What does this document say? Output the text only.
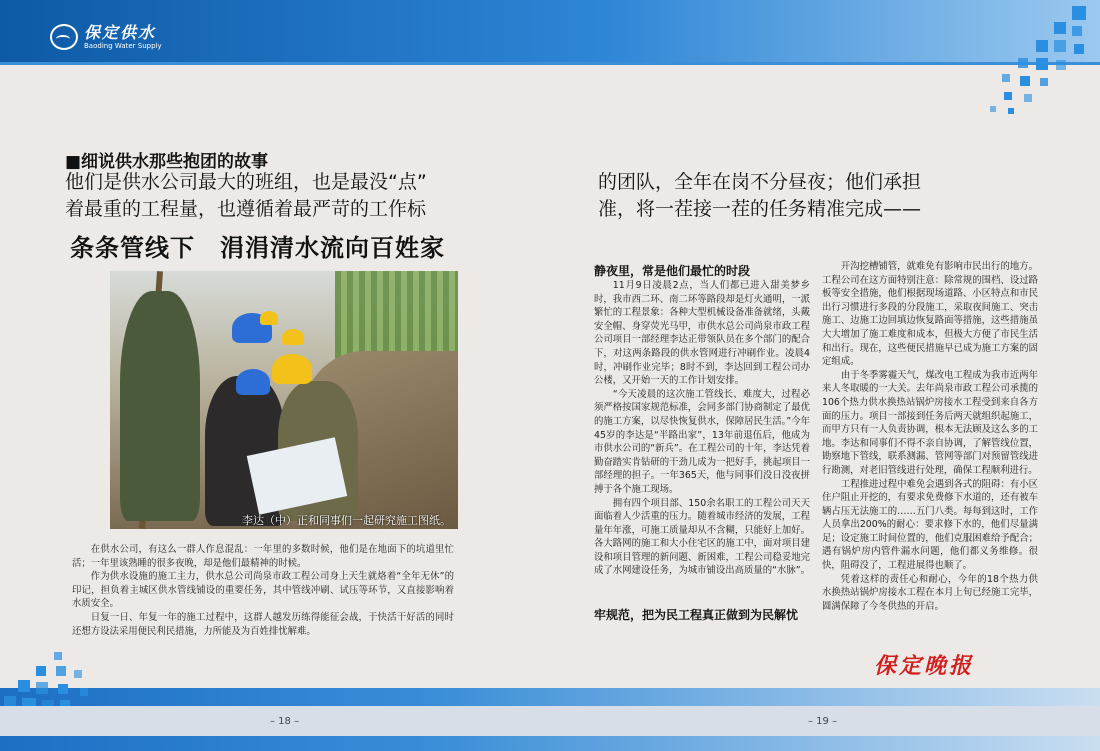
保定供水
Baoding Water Supply
– 18 –	– 19 –
■细说供水那些抱团的故事
他们是供水公司最大的班组，也是最没“点”
着最重的工程量，也遵循着最严苛的工作标
的团队，全年在岗不分昼夜；他们承担
准，将一茬接一茬的任务精准完成——
条条管线下　涓涓清水流向百姓家
李达（中）正和同事们一起研究施工图纸。

在供水公司，有这么一群人作息混乱：一年里的多数时候，他们是在地面下的坑道里忙活；一年里该熟睡的很多夜晚，却是他们最精神的时候。

作为供水设施的施工主力，供水总公司尚泉市政工程公司身上天生就烙着“全年无休”的印记，担负着主城区供水管线铺设的重要任务，其中管线冲刷、试压等环节，又直接影响着水质安全。

日复一日、年复一年的施工过程中，这群人越发历练得能征会战，于快活干好活的同时还想方设法采用便民利民措施，力所能及为百姓排忧解难。

静夜里，常是他们最忙的时段

11月9日凌晨2点，当人们都已进入甜美梦乡时，我市西二环、南二环等路段却是灯火通明，一派繁忙的工程景象：各种大型机械设备准备就绪，头戴安全帽、身穿荧光马甲，市供水总公司尚泉市政工程公司项目一部经理李达正带领队员在多个部门的配合下，对这两条路段的供水管网进行冲刷作业。凌晨4时，冲刷作业完毕；8时不到，李达回到工程公司办公楼，又开始一天的工作计划安排。

“今天凌晨的这次施工管线长、难度大，过程必须严格按国家规范标准，会同多部门协商制定了最优的施工方案，以尽快恢复供水，保障居民生活。”今年45岁的李达是“半路出家”，13年前退伍后，他成为市供水公司的“新兵”。在工程公司的十年，李达凭着勤奋踏实肯钻研的干劲儿成为一把好手，挑起项目一部经理的担子。一年365天，他与同事们没日没夜拼搏于各个施工现场。

拥有四个项目部、150余名职工的工程公司天天面临着人少活重的压力。随着城市经济的发展，工程量年年涨，可施工质量却从不含糊，只能好上加好。各大路网的施工和大小住宅区的施工中，面对项目建设和项目管理的新问题、新困难，工程公司稳妥地完成了水网建设任务，为城市铺设出高质量的“水脉”。

牢规范，把为民工程真正做到为民解忧

开沟挖槽铺管，就难免有影响市民出行的地方。工程公司在这方面特别注意：除常规的围档、设过路板等安全措施，他们根据现场道路、小区特点和市民出行习惯进行多段的分段施工，采取夜间施工、突击施工、边施工边回填边恢复路面等措施，这些措施虽大大增加了施工难度和成本，但极大方便了市民生活和出行。现在，这些便民措施早已成为施工方案的固定组成。

由于冬季雾霾天气，煤改电工程成为我市近两年来人冬取暖的一大关。去年尚泉市政工程公司承揽的106个热力供水换热站锅炉房接水工程受到来自各方面的压力。项目一部接到任务后两天就组织起施工，而甲方只有一人负责协调，根本无法顾及这么多的工地。李达和同事们不得不亲自协调，了解管线位置，勘察地下管线，联系测漏、管网等部门对预留管线进行勘测，对老旧管线进行处理，确保工程顺利进行。

工程推进过程中难免会遇到各式的阻碍：有小区住户阻止开挖的，有要求免费修下水道的，还有被车辆占压无法施工的……五门八类。每每到这时，工作人员拿出200%的耐心：要求修下水的，他们尽量满足；设定施工时间位置的，他们克服困难给予配合；遇有锅炉房内管件漏水问题，他们都义务维修。很快，阻碍没了，工程进展得也顺了。

凭着这样的责任心和耐心，今年的18个热力供水换热站锅炉房接水工程在本月上旬已经施工完毕，圆满保障了今冬供热的开启。

保定晚报
